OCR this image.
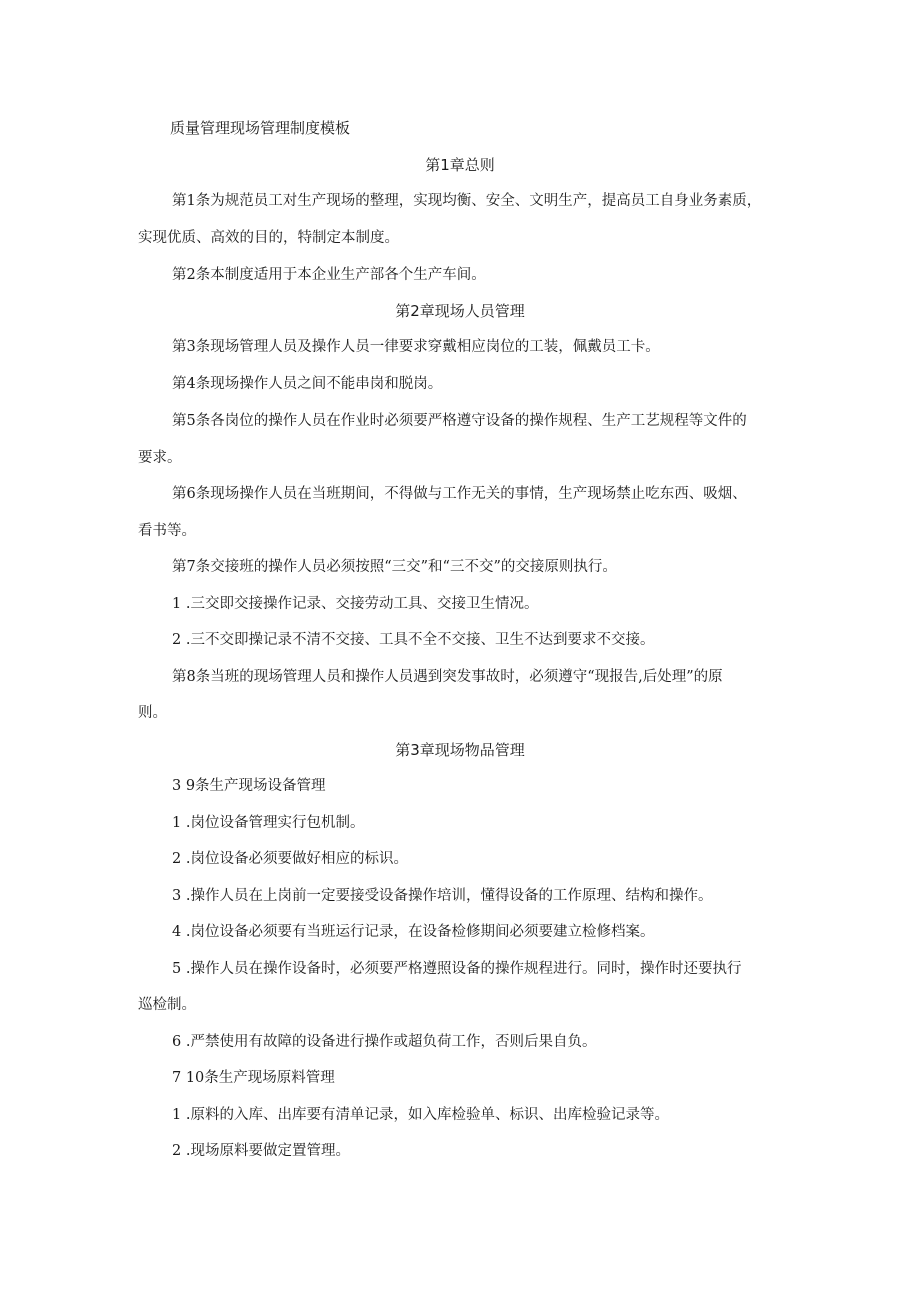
质量管理现场管理制度模板
第1章总则
第1条为规范员工对生产现场的整理，实现均衡、安全、文明生产，提高员工自身业务素质，
实现优质、高效的目的，特制定本制度。
第2条本制度适用于本企业生产部各个生产车间。
第2章现场人员管理
第3条现场管理人员及操作人员一律要求穿戴相应岗位的工装，佩戴员工卡。
第4条现场操作人员之间不能串岗和脱岗。
第5条各岗位的操作人员在作业时必须要严格遵守设备的操作规程、生产工艺规程等文件的
要求。
第6条现场操作人员在当班期间，不得做与工作无关的事情，生产现场禁止吃东西、吸烟、
看书等。
第7条交接班的操作人员必须按照“三交”和“三不交”的交接原则执行。
1 .三交即交接操作记录、交接劳动工具、交接卫生情况。
2 .三不交即操记录不清不交接、工具不全不交接、卫生不达到要求不交接。
第8条当班的现场管理人员和操作人员遇到突发事故时，必须遵守“现报告,后处理”的原
则。
第3章现场物品管理
3 9条生产现场设备管理
1 .岗位设备管理实行包机制。
2 .岗位设备必须要做好相应的标识。
3 .操作人员在上岗前一定要接受设备操作培训，懂得设备的工作原理、结构和操作。
4 .岗位设备必须要有当班运行记录，在设备检修期间必须要建立检修档案。
5 .操作人员在操作设备时，必须要严格遵照设备的操作规程进行。同时，操作时还要执行
巡检制。
6 .严禁使用有故障的设备进行操作或超负荷工作，否则后果自负。
7 10条生产现场原料管理
1 .原料的入库、出库要有清单记录，如入库检验单、标识、出库检验记录等。
2 .现场原料要做定置管理。
